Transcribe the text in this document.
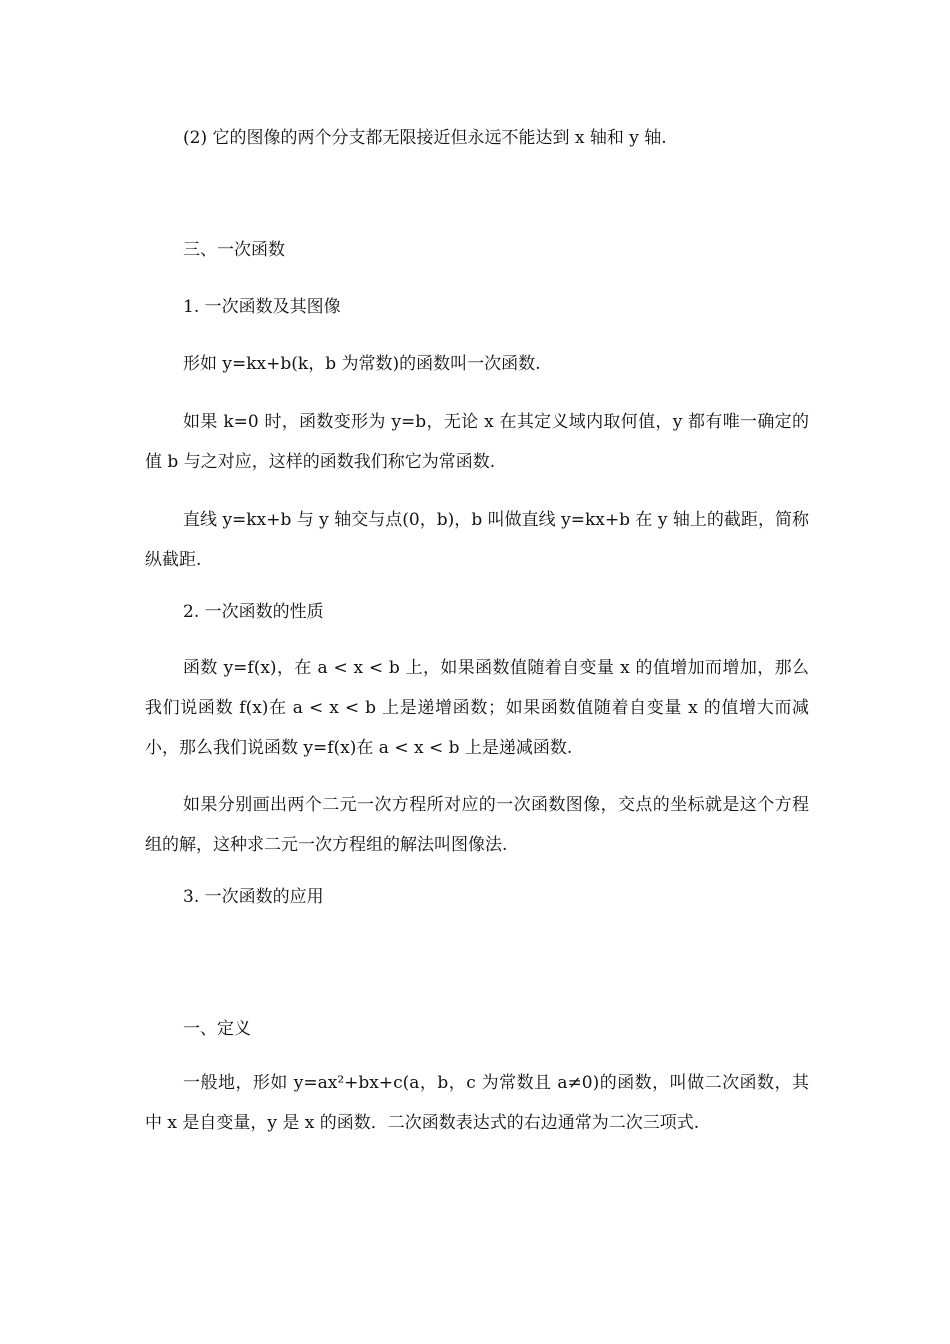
(2) 它的图像的两个分支都无限接近但永远不能达到 x 轴和 y 轴.

三、一次函数

1. 一次函数及其图像

形如 y=kx+b(k，b 为常数)的函数叫一次函数.

如果 k=0 时，函数变形为 y=b，无论 x 在其定义域内取何值，y 都有唯一确定的值 b 与之对应，这样的函数我们称它为常函数.

直线 y=kx+b 与 y 轴交与点(0，b)，b 叫做直线 y=kx+b 在 y 轴上的截距，简称纵截距.

2. 一次函数的性质

函数 y=f(x)，在 a < x < b 上，如果函数值随着自变量 x 的值增加而增加，那么我们说函数 f(x)在 a < x < b 上是递增函数；如果函数值随着自变量 x 的值增大而减小，那么我们说函数 y=f(x)在 a < x < b 上是递减函数.

如果分别画出两个二元一次方程所对应的一次函数图像，交点的坐标就是这个方程组的解，这种求二元一次方程组的解法叫图像法.

3. 一次函数的应用

一、定义

一般地，形如 y=ax²+bx+c(a，b，c 为常数且 a≠0)的函数，叫做二次函数，其中 x 是自变量，y 是 x 的函数．二次函数表达式的右边通常为二次三项式.
